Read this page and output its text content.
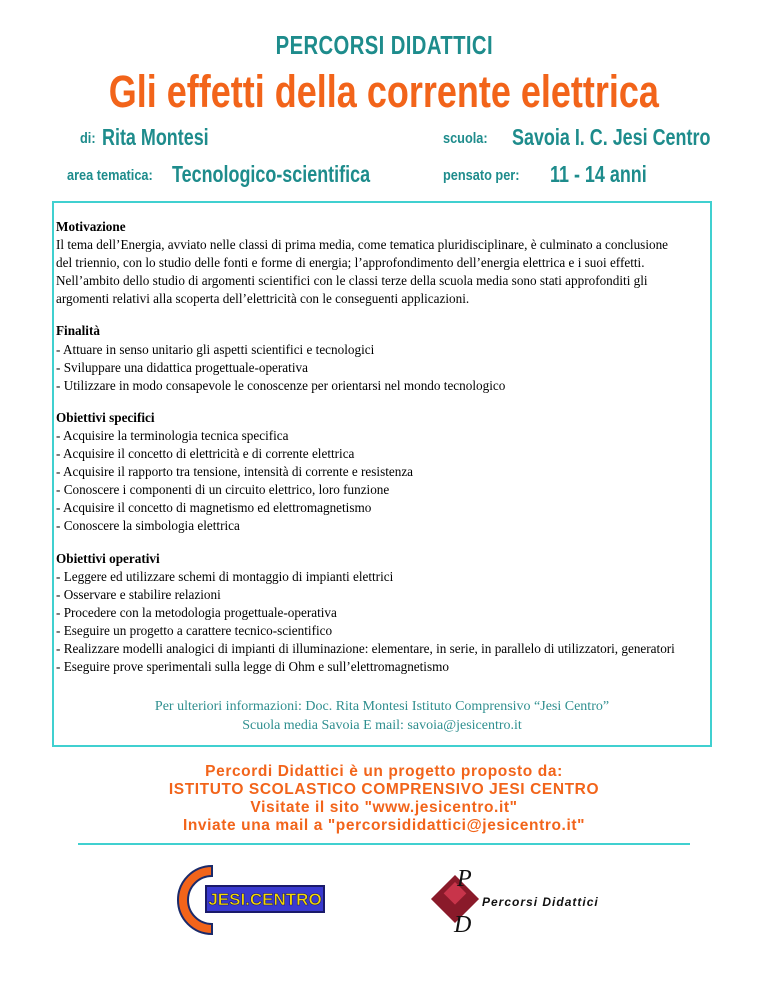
PERCORSI DIDATTICI
Gli effetti della corrente elettrica
di: Rita Montesi	scuola: Savoia I. C. Jesi Centro
area tematica: Tecnologico-scientifica	pensato per: 11 - 14 anni
Motivazione

Il tema dell’Energia, avviato nelle classi di prima media, come tematica pluridisciplinare, è culminato a conclusione

del triennio, con lo studio delle fonti e forme di energia; l’approfondimento dell’energia elettrica e i suoi effetti.

Nell’ambito dello studio di argomenti scientifici con le classi terze della scuola media sono stati approfonditi gli

argomenti relativi alla scoperta dell’elettricità con le conseguenti applicazioni.

Finalità

- Attuare in senso unitario gli aspetti scientifici e tecnologici

- Sviluppare una didattica progettuale-operativa

- Utilizzare in modo consapevole le conoscenze per orientarsi nel mondo tecnologico

Obiettivi specifici

- Acquisire la terminologia tecnica specifica

- Acquisire il concetto di elettricità e di corrente elettrica

- Acquisire il rapporto tra tensione, intensità di corrente e resistenza

- Conoscere i componenti di un circuito elettrico, loro funzione

- Acquisire il concetto di magnetismo ed elettromagnetismo

- Conoscere la simbologia elettrica

Obiettivi operativi

- Leggere ed utilizzare schemi di montaggio di impianti elettrici

- Osservare e stabilire relazioni

- Procedere con la metodologia progettuale-operativa

- Eseguire un progetto a carattere tecnico-scientifico

- Realizzare modelli analogici di impianti di illuminazione: elementare, in serie, in parallelo di utilizzatori, generatori

- Eseguire prove sperimentali sulla legge di Ohm e sull’elettromagnetismo

Per ulteriori informazioni: Doc. Rita Montesi Istituto Comprensivo “Jesi Centro”
Scuola media Savoia E mail: savoia@jesicentro.it
Percordi Didattici è un progetto proposto da:
ISTITUTO SCOLASTICO COMPRENSIVO JESI CENTRO
Visitate il sito "www.jesicentro.it"
Inviate una mail a "percorsididattici@jesicentro.it"
JESI.CENTRO
P
D
Percorsi Didattici
